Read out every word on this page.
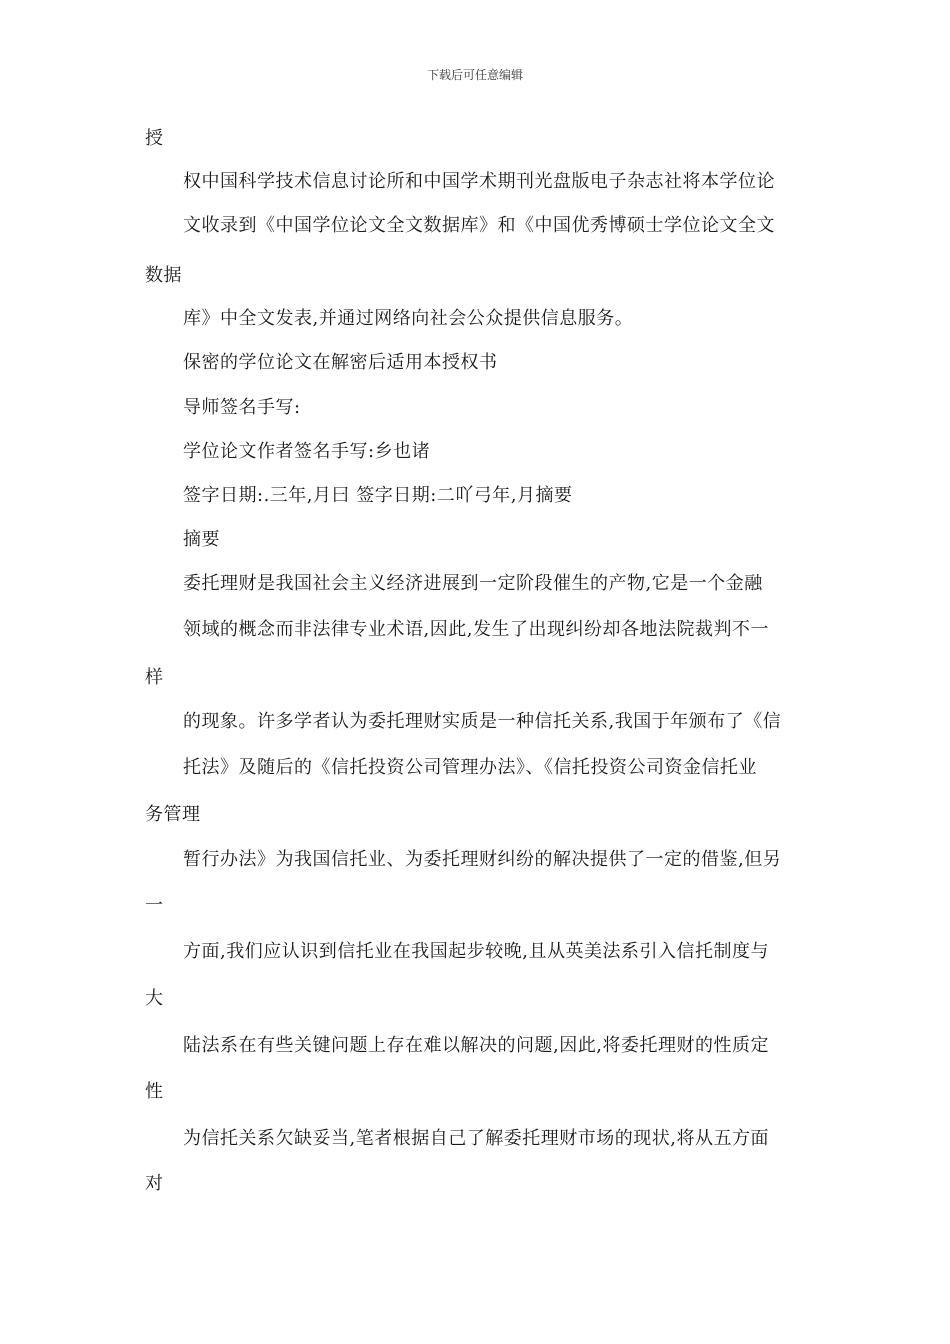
下载后可任意编辑
授
权中国科学技术信息讨论所和中国学术期刊光盘版电子杂志社将本学位论
文收录到《中国学位论文全文数据库》和《中国优秀博硕士学位论文全文
数据
库》中全文发表,并通过网络向社会公众提供信息服务。
保密的学位论文在解密后适用本授权书
导师签名手写:
学位论文作者签名手写:乡也诸
签字日期:.三年,月曰 签字日期:二吖弓年,月摘要
摘要
委托理财是我国社会主义经济进展到一定阶段催生的产物,它是一个金融
领域的概念而非法律专业术语,因此,发生了出现纠纷却各地法院裁判不一
样
的现象。许多学者认为委托理财实质是一种信托关系,我国于年颁布了《信
托法》及随后的《信托投资公司管理办法》、《信托投资公司资金信托业
务管理
暂行办法》为我国信托业、为委托理财纠纷的解决提供了一定的借鉴,但另
一
方面,我们应认识到信托业在我国起步较晚,且从英美法系引入信托制度与
大
陆法系在有些关键问题上存在难以解决的问题,因此,将委托理财的性质定
性
为信托关系欠缺妥当,笔者根据自己了解委托理财市场的现状,将从五方面
对
